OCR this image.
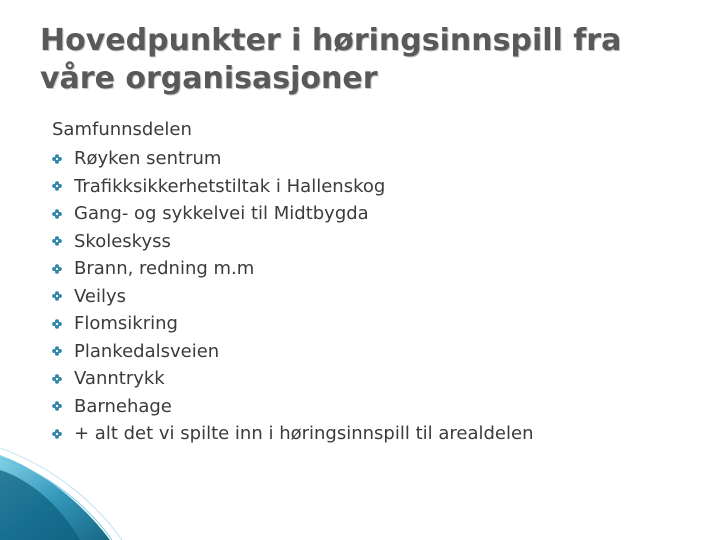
Hovedpunkter i høringsinnspill fra
våre organisasjoner
Samfunnsdelen
Røyken sentrum
Trafikksikkerhetstiltak i Hallenskog
Gang- og sykkelvei til Midtbygda
Skoleskyss
Brann, redning m.m
Veilys
Flomsikring
Plankedalsveien
Vanntrykk
Barnehage
+ alt det vi spilte inn i høringsinnspill til arealdelen
